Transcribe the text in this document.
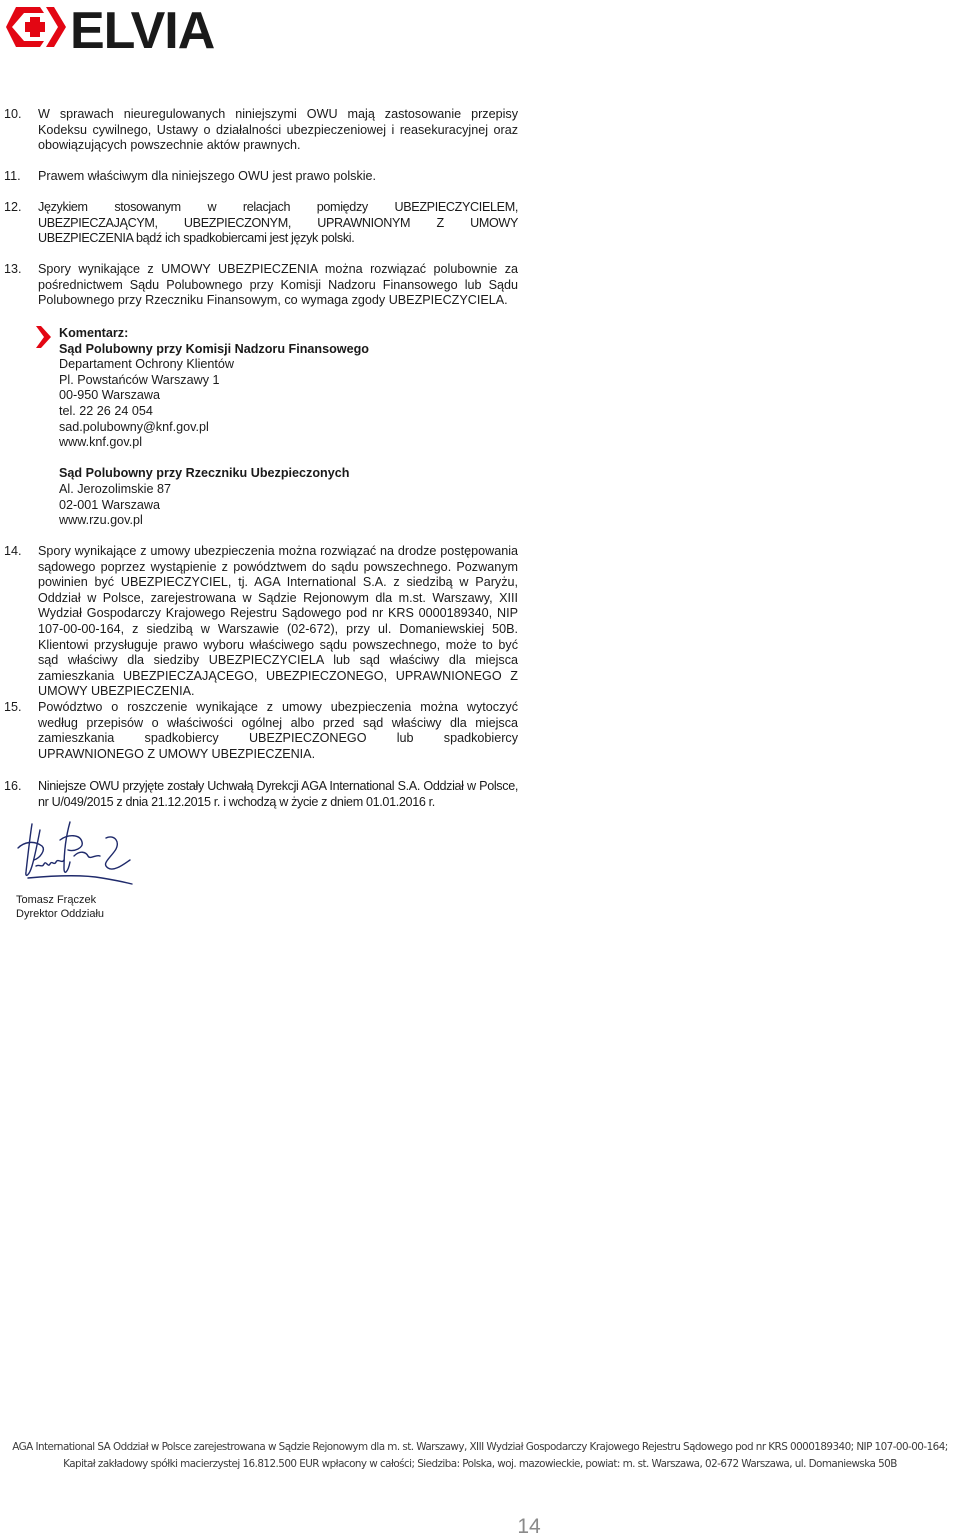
ELVIA
10. W sprawach nieuregulowanych niniejszymi OWU mają zastosowanie przepisy Kodeksu cywilnego, Ustawy o działalności ubezpieczeniowej i reasekuracyjnej oraz obowiązujących powszechnie aktów prawnych.
11. Prawem właściwym dla niniejszego OWU jest prawo polskie.
12. Językiem stosowanym w relacjach pomiędzy UBEZPIECZYCIELEM, UBEZPIECZAJĄCYM, UBEZPIECZONYM, UPRAWNIONYM Z UMOWY UBEZPIECZENIA bądź ich spadkobiercami jest język polski.
13. Spory wynikające z UMOWY UBEZPIECZENIA można rozwiązać polubownie za pośrednictwem Sądu Polubownego przy Komisji Nadzoru Finansowego lub Sądu Polubownego przy Rzeczniku Finansowym, co wymaga zgody UBEZPIECZYCIELA.
Komentarz:
Sąd Polubowny przy Komisji Nadzoru Finansowego
Departament Ochrony Klientów
Pl. Powstańców Warszawy 1
00-950 Warszawa
tel. 22 26 24 054
sad.polubowny@knf.gov.pl
www.knf.gov.pl
Sąd Polubowny przy Rzeczniku Ubezpieczonych
Al. Jerozolimskie 87
02-001 Warszawa
www.rzu.gov.pl
14. Spory wynikające z umowy ubezpieczenia można rozwiązać na drodze postępowania sądowego poprzez wystąpienie z powództwem do sądu powszechnego. Pozwanym powinien być UBEZPIECZYCIEL, tj. AGA International S.A. z siedzibą w Paryżu, Oddział w Polsce, zarejestrowana w Sądzie Rejonowym dla m.st. Warszawy, XIII Wydział Gospodarczy Krajowego Rejestru Sądowego pod nr KRS 0000189340, NIP 107-00-00-164, z siedzibą w Warszawie (02-672), przy ul. Domaniewskiej 50B. Klientowi przysługuje prawo wyboru właściwego sądu powszechnego, może to być sąd właściwy dla siedziby UBEZPIECZYCIELA lub sąd właściwy dla miejsca zamieszkania UBEZPIECZAJĄCEGO, UBEZPIECZONEGO, UPRAWNIONEGO Z UMOWY UBEZPIECZENIA.
15. Powództwo o roszczenie wynikające z umowy ubezpieczenia można wytoczyć według przepisów o właściwości ogólnej albo przed sąd właściwy dla miejsca zamieszkania spadkobiercy UBEZPIECZONEGO lub spadkobiercy UPRAWNIONEGO Z UMOWY UBEZPIECZENIA.
16. Niniejsze OWU przyjęte zostały Uchwałą Dyrekcji AGA International S.A. Oddział w Polsce, nr U/049/2015 z dnia 21.12.2015 r. i wchodzą w życie z dniem 01.01.2016 r.
Tomasz Frączek
Dyrektor Oddziału
AGA International SA Oddział w Polsce zarejestrowana w Sądzie Rejonowym dla m. st. Warszawy, XIII Wydział Gospodarczy Krajowego Rejestru Sądowego pod nr KRS 0000189340; NIP 107-00-00-164;
Kapitał zakładowy spółki macierzystej 16.812.500 EUR wpłacony w całości; Siedziba: Polska, woj. mazowieckie, powiat: m. st. Warszawa, 02-672 Warszawa, ul. Domaniewska 50B
14
